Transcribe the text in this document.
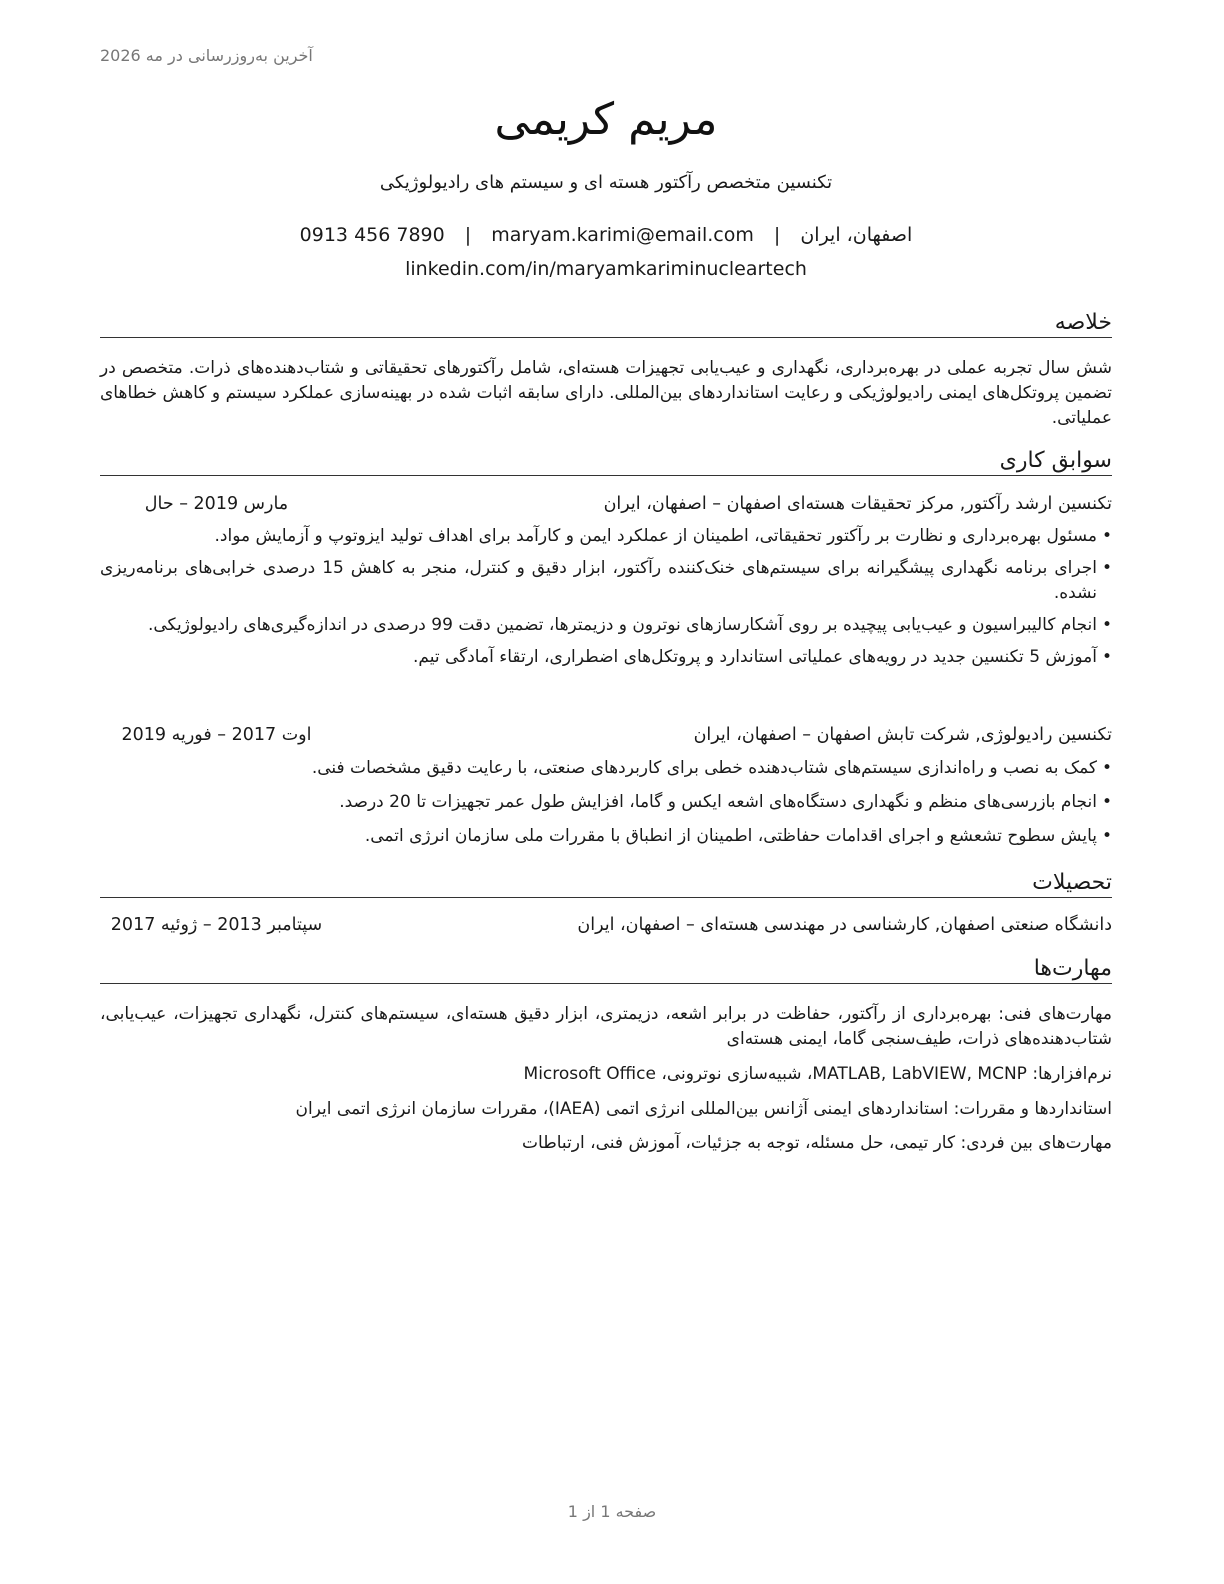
آخرین به‌روزرسانی در مه 2026
مریم کریمی
تکنسین متخصص رآکتور هسته ای و سیستم های رادیولوژیکی
اصفهان، ایران | maryam.karimi@email.com | 0913 456 7890
linkedin.com/in/maryamkariminucleartech
خلاصه
شش سال تجربه عملی در بهره‌برداری، نگهداری و عیب‌یابی تجهیزات هسته‌ای، شامل رآکتورهای تحقیقاتی و شتاب‌دهنده‌های ذرات. متخصص در تضمین پروتکل‌های ایمنی رادیولوژیکی و رعایت استانداردهای بین‌المللی. دارای سابقه اثبات شده در بهینه‌سازی عملکرد سیستم و کاهش خطاهای عملیاتی.
سوابق کاری
تکنسین ارشد رآکتور, مرکز تحقیقات هسته‌ای اصفهان – اصفهان، ایران
مارس 2019 – حال
•
مسئول بهره‌برداری و نظارت بر رآکتور تحقیقاتی، اطمینان از عملکرد ایمن و کارآمد برای اهداف تولید ایزوتوپ و آزمایش مواد.
•
اجرای برنامه نگهداری پیشگیرانه برای سیستم‌های خنک‌کننده رآکتور، ابزار دقیق و کنترل، منجر به کاهش 15 درصدی خرابی‌های برنامه‌ریزی نشده.
•
انجام کالیبراسیون و عیب‌یابی پیچیده بر روی آشکارسازهای نوترون و دزیمترها، تضمین دقت 99 درصدی در اندازه‌گیری‌های رادیولوژیکی.
•
آموزش 5 تکنسین جدید در رویه‌های عملیاتی استاندارد و پروتکل‌های اضطراری، ارتقاء آمادگی تیم.
تکنسین رادیولوژی, شرکت تابش اصفهان – اصفهان، ایران
اوت 2017 – فوریه 2019
•
کمک به نصب و راه‌اندازی سیستم‌های شتاب‌دهنده خطی برای کاربردهای صنعتی، با رعایت دقیق مشخصات فنی.
•
انجام بازرسی‌های منظم و نگهداری دستگاه‌های اشعه ایکس و گاما، افزایش طول عمر تجهیزات تا 20 درصد.
•
پایش سطوح تشعشع و اجرای اقدامات حفاظتی، اطمینان از انطباق با مقررات ملی سازمان انرژی اتمی.
تحصیلات
دانشگاه صنعتی اصفهان, کارشناسی در مهندسی هسته‌ای – اصفهان، ایران
سپتامبر 2013 – ژوئیه 2017
مهارت‌ها
مهارت‌های فنی: بهره‌برداری از رآکتور، حفاظت در برابر اشعه، دزیمتری، ابزار دقیق هسته‌ای، سیستم‌های کنترل، نگهداری تجهیزات، عیب‌یابی، شتاب‌دهنده‌های ذرات، طیف‌سنجی گاما، ایمنی هسته‌ای
نرم‌افزارها: MATLAB, LabVIEW, MCNP، شبیه‌سازی نوترونی، Microsoft Office
استانداردها و مقررات: استانداردهای ایمنی آژانس بین‌المللی انرژی اتمی (IAEA)، مقررات سازمان انرژی اتمی ایران
مهارت‌های بین فردی: کار تیمی، حل مسئله، توجه به جزئیات، آموزش فنی، ارتباطات
صفحه 1 از 1
